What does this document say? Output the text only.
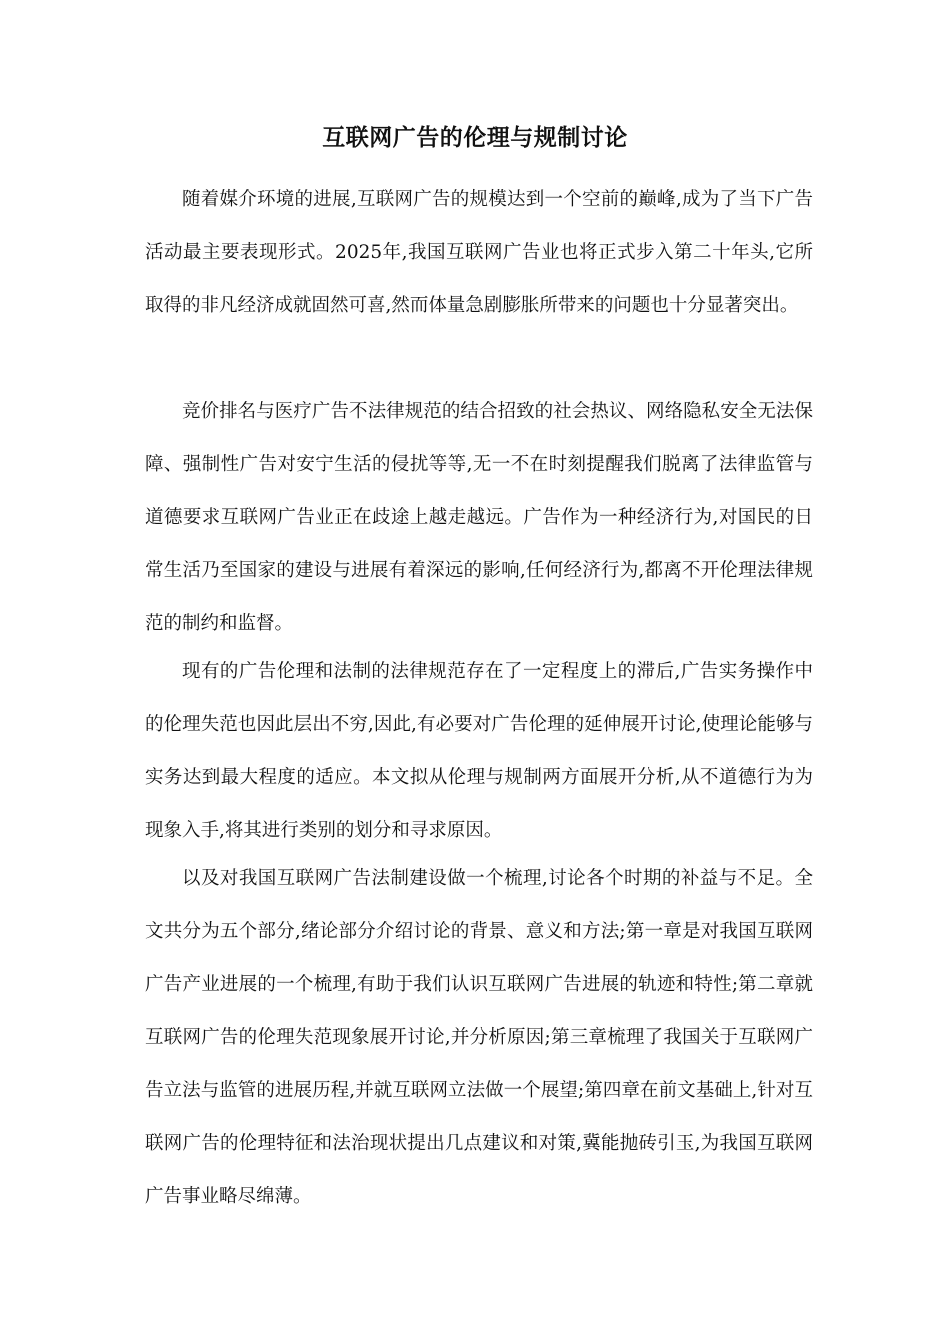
互联网广告的伦理与规制讨论

随着媒介环境的进展,互联网广告的规模达到一个空前的巅峰,成为了当下广告活动最主要表现形式。2025年,我国互联网广告业也将正式步入第二十年头,它所取得的非凡经济成就固然可喜,然而体量急剧膨胀所带来的问题也十分显著突出。

竞价排名与医疗广告不法律规范的结合招致的社会热议、网络隐私安全无法保障、强制性广告对安宁生活的侵扰等等,无一不在时刻提醒我们脱离了法律监管与道德要求互联网广告业正在歧途上越走越远。广告作为一种经济行为,对国民的日常生活乃至国家的建设与进展有着深远的影响,任何经济行为,都离不开伦理法律规范的制约和监督。

现有的广告伦理和法制的法律规范存在了一定程度上的滞后,广告实务操作中的伦理失范也因此层出不穷,因此,有必要对广告伦理的延伸展开讨论,使理论能够与实务达到最大程度的适应。本文拟从伦理与规制两方面展开分析,从不道德行为为现象入手,将其进行类别的划分和寻求原因。

以及对我国互联网广告法制建设做一个梳理,讨论各个时期的补益与不足。全文共分为五个部分,绪论部分介绍讨论的背景、意义和方法;第一章是对我国互联网广告产业进展的一个梳理,有助于我们认识互联网广告进展的轨迹和特性;第二章就互联网广告的伦理失范现象展开讨论,并分析原因;第三章梳理了我国关于互联网广告立法与监管的进展历程,并就互联网立法做一个展望;第四章在前文基础上,针对互联网广告的伦理特征和法治现状提出几点建议和对策,冀能抛砖引玉,为我国互联网广告事业略尽绵薄。
